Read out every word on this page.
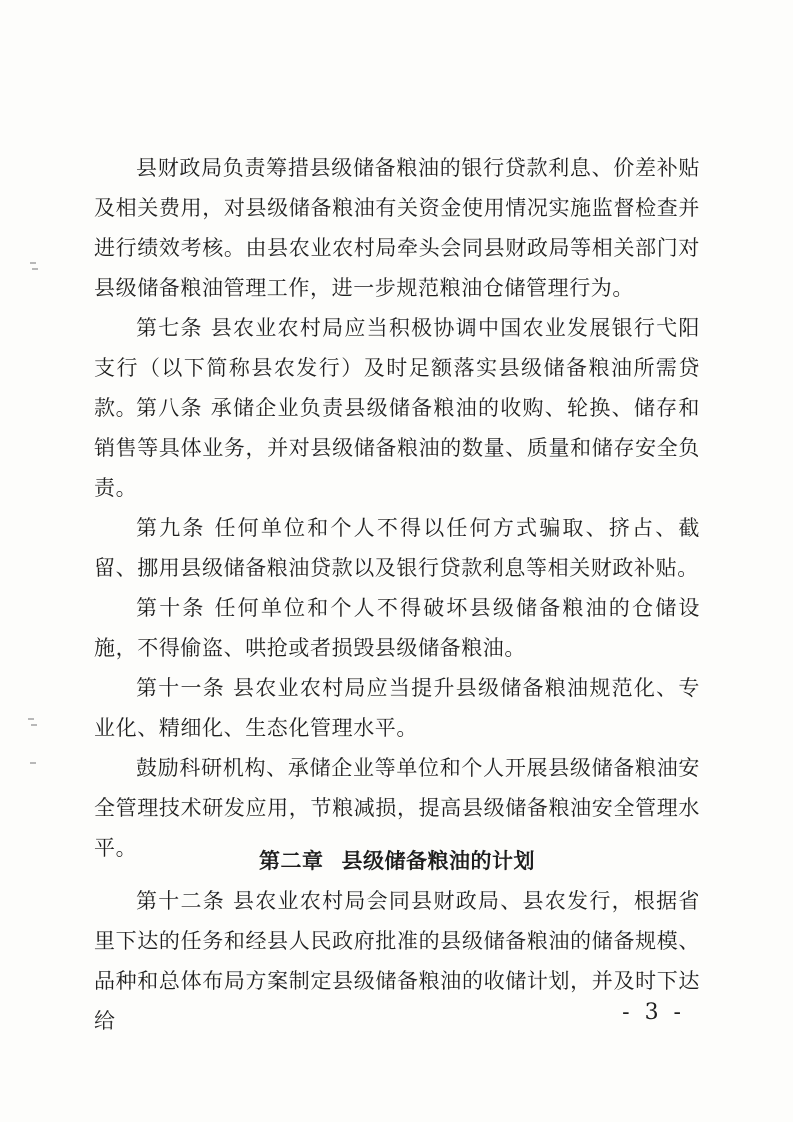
县财政局负责筹措县级储备粮油的银行贷款利息、价差补贴及相关费用，对县级储备粮油有关资金使用情况实施监督检查并进行绩效考核。由县农业农村局牵头会同县财政局等相关部门对县级储备粮油管理工作，进一步规范粮油仓储管理行为。

第七条 县农业农村局应当积极协调中国农业发展银行弋阳支行（以下简称县农发行）及时足额落实县级储备粮油所需贷款。

第八条 承储企业负责县级储备粮油的收购、轮换、储存和销售等具体业务，并对县级储备粮油的数量、质量和储存安全负责。

第九条 任何单位和个人不得以任何方式骗取、挤占、截留、挪用县级储备粮油贷款以及银行贷款利息等相关财政补贴。

第十条 任何单位和个人不得破坏县级储备粮油的仓储设施，不得偷盗、哄抢或者损毁县级储备粮油。

第十一条 县农业农村局应当提升县级储备粮油规范化、专业化、精细化、生态化管理水平。

鼓励科研机构、承储企业等单位和个人开展县级储备粮油安全管理技术研发应用，节粮减损，提高县级储备粮油安全管理水平。

第二章 县级储备粮油的计划

第十二条 县农业农村局会同县财政局、县农发行，根据省里下达的任务和经县人民政府批准的县级储备粮油的储备规模、品种和总体布局方案制定县级储备粮油的收储计划，并及时下达给	- 3 -
